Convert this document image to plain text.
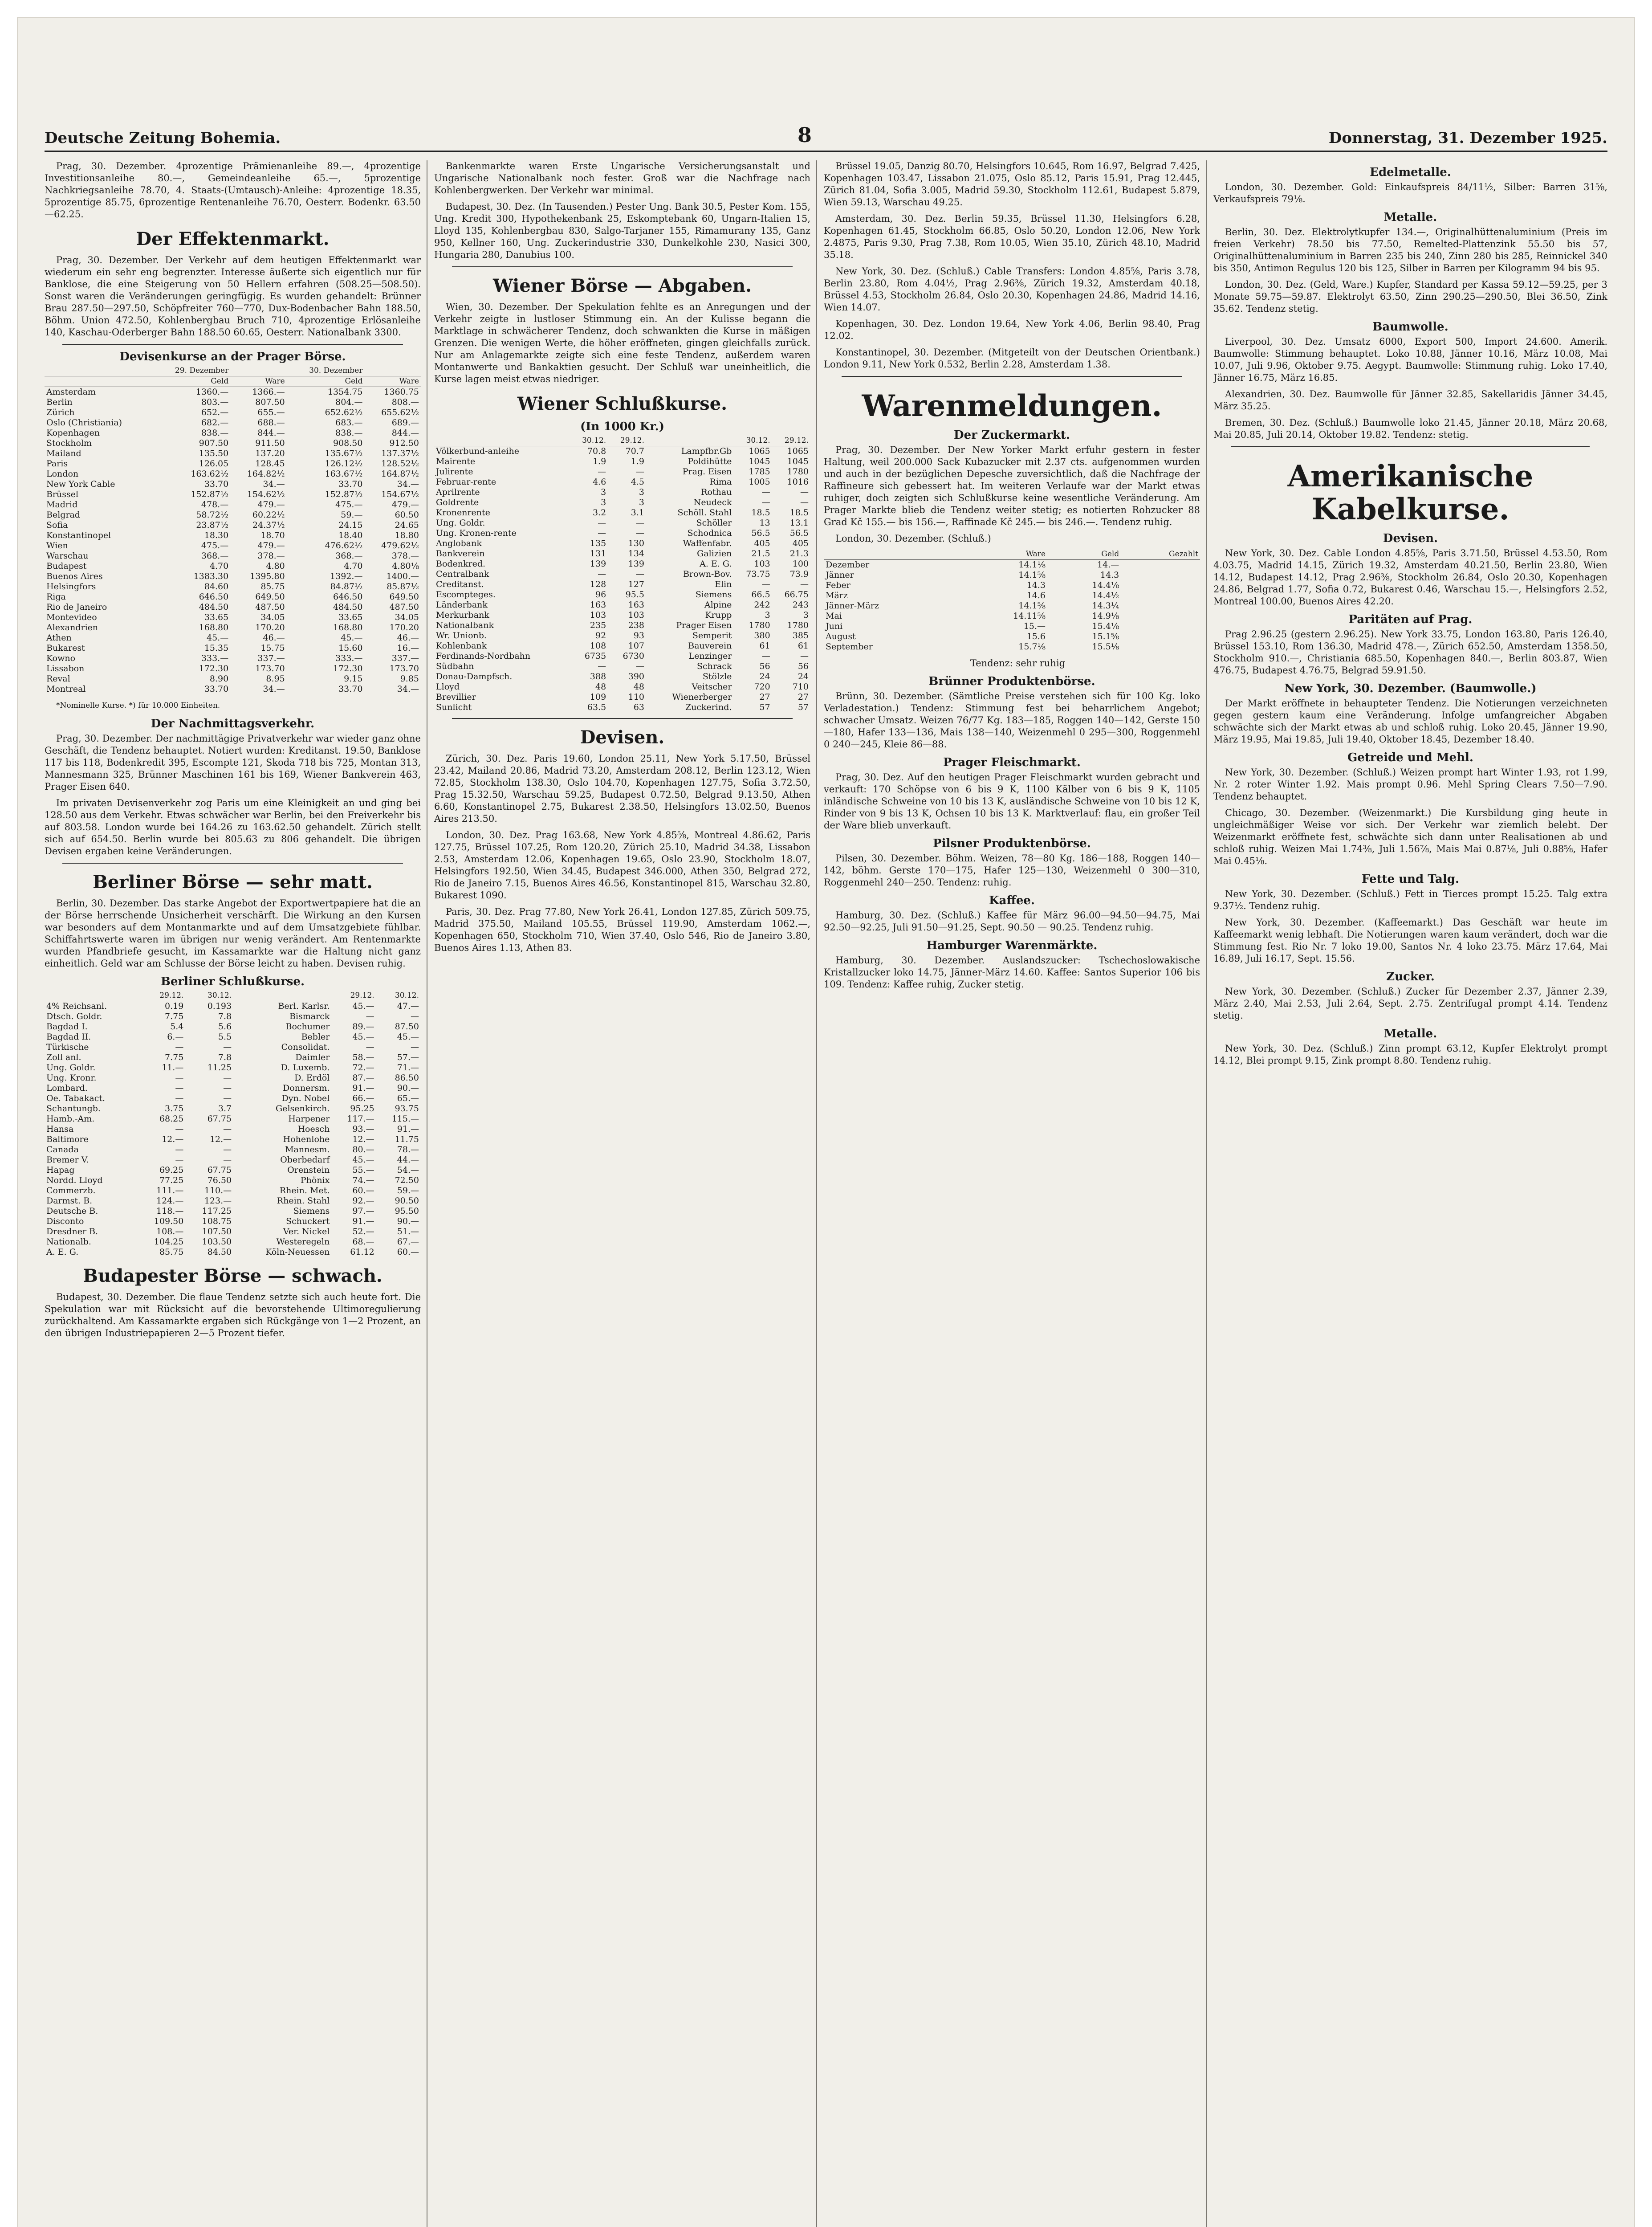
Deutsche Zeitung Bohemia.	8	Donnerstag, 31. Dezember 1925.

Prag, 30. Dezember. 4prozentige Prämienanleihe 89.—, 4prozentige Investitionsanleihe 80.—, Gemeindeanleihe 65.—, 5prozentige Nachkriegsanleihe 78.70, 4. Staats-(Umtausch)-Anleihe: 4prozentige 18.35, 5prozentige 85.75, 6prozentige Rentenanleihe 76.70, Oesterr. Bodenkr. 63.50—62.25.

Der Effektenmarkt.

Prag, 30. Dezember. Der Verkehr auf dem heutigen Effektenmarkt war wiederum ein sehr eng begrenzter. Interesse äußerte sich eigentlich nur für Banklose, die eine Steigerung von 50 Hellern erfahren (508.25—508.50). Sonst waren die Veränderungen geringfügig. Es wurden gehandelt: Brünner Brau 287.50—297.50, Schöpfreiter 760—770, Dux-Bodenbacher Bahn 188.50, Böhm. Union 472.50, Kohlenbergbau Bruch 710, 4prozentige Erlösanleihe 140, Kaschau-Oderberger Bahn 188.50 60.65, Oesterr. Nationalbank 3300.

Devisenkurse an der Prager Börse.
	29. Dezember		30. Dezember	
	Geld	Ware	Geld	Ware
Amsterdam	1360.—	1366.—	1354.75	1360.75
Berlin	803.—	807.50	804.—	808.—
Zürich	652.—	655.—	652.62½	655.62½
Oslo (Christiania)	682.—	688.—	683.—	689.—
Kopenhagen	838.—	844.—	838.—	844.—
Stockholm	907.50	911.50	908.50	912.50
Mailand	135.50	137.20	135.67½	137.37½
Paris	126.05	128.45	126.12½	128.52½
London	163.62½	164.82½	163.67½	164.87½
New York Cable	33.70	34.—	33.70	34.—
Brüssel	152.87½	154.62½	152.87½	154.67½
Madrid	478.—	479.—	475.—	479.—
Belgrad	58.72½	60.22½	59.—	60.50
Sofia	23.87½	24.37½	24.15	24.65
Konstantinopel	18.30	18.70	18.40	18.80
Wien	475.—	479.—	476.62½	479.62½
Warschau	368.—	378.—	368.—	378.—
Budapest	4.70	4.80	4.70	4.80⅛
Buenos Aires	1383.30	1395.80	1392.—	1400.—
Helsingfors	84.60	85.75	84.87½	85.87½
Riga	646.50	649.50	646.50	649.50
Rio de Janeiro	484.50	487.50	484.50	487.50
Montevideo	33.65	34.05	33.65	34.05
Alexandrien	168.80	170.20	168.80	170.20
Athen	45.—	46.—	45.—	46.—
Bukarest	15.35	15.75	15.60	16.—
Kowno	333.—	337.—	333.—	337.—
Lissabon	172.30	173.70	172.30	173.70
Reval	8.90	8.95	9.15	9.85
Montreal	33.70	34.—	33.70	34.—

*Nominelle Kurse. *) für 10.000 Einheiten.

Der Nachmittagsverkehr.

Prag, 30. Dezember. Der nachmittägige Privatverkehr war wieder ganz ohne Geschäft, die Tendenz behauptet. Notiert wurden: Kreditanst. 19.50, Banklose 117 bis 118, Bodenkredit 395, Escompte 121, Skoda 718 bis 725, Montan 313, Mannesmann 325, Brünner Maschinen 161 bis 169, Wiener Bankverein 463, Prager Eisen 640.

Im privaten Devisenverkehr zog Paris um eine Kleinigkeit an und ging bei 128.50 aus dem Verkehr. Etwas schwächer war Berlin, bei den Freiverkehr bis auf 803.58. London wurde bei 164.26 zu 163.62.50 gehandelt. Zürich stellt sich auf 654.50. Berlin wurde bei 805.63 zu 806 gehandelt. Die übrigen Devisen ergaben keine Veränderungen.

Berliner Börse — sehr matt.

Berlin, 30. Dezember. Das starke Angebot der Exportwertpapiere hat die an der Börse herrschende Unsicherheit verschärft. Die Wirkung an den Kursen war besonders auf dem Montanmarkte und auf dem Umsatzgebiete fühlbar. Schiffahrtswerte waren im übrigen nur wenig verändert. Am Rentenmarkte wurden Pfandbriefe gesucht, im Kassamarkte war die Haltung nicht ganz einheitlich. Geld war am Schlusse der Börse leicht zu haben. Devisen ruhig.

Berliner Schlußkurse.
	29.12.	30.12.		29.12.	30.12.
4% Reichsanl.	0.19	0.193	Berl. Karlsr.	45.—	47.—
Dtsch. Goldr.	7.75	7.8	Bismarck	—	—
Bagdad I.	5.4	5.6	Bochumer	89.—	87.50
Bagdad II.	6.—	5.5	Bebler	45.—	45.—
Türkische	—	—	Consolidat.	—	—
Zoll anl.	7.75	7.8	Daimler	58.—	57.—
Ung. Goldr.	11.—	11.25	D. Luxemb.	72.—	71.—
Ung. Kronr.	—	—	D. Erdöl	87.—	86.50
Lombard.	—	—	Donnersm.	91.—	90.—
Oe. Tabakact.	—	—	Dyn. Nobel	66.—	65.—
Schantungb.	3.75	3.7	Gelsenkirch.	95.25	93.75
Hamb.-Am.	68.25	67.75	Harpener	117.—	115.—
Hansa	—	—	Hoesch	93.—	91.—
Baltimore	12.—	12.—	Hohenlohe	12.—	11.75
Canada	—	—	Mannesm.	80.—	78.—
Bremer V.	—	—	Oberbedarf	45.—	44.—
Hapag	69.25	67.75	Orenstein	55.—	54.—
Nordd. Lloyd	77.25	76.50	Phönix	74.—	72.50
Commerzb.	111.—	110.—	Rhein. Met.	60.—	59.—
Darmst. B.	124.—	123.—	Rhein. Stahl	92.—	90.50
Deutsche B.	118.—	117.25	Siemens	97.—	95.50
Disconto	109.50	108.75	Schuckert	91.—	90.—
Dresdner B.	108.—	107.50	Ver. Nickel	52.—	51.—
Nationalb.	104.25	103.50	Westeregeln	68.—	67.—
A. E. G.	85.75	84.50	Köln-Neuessen	61.12	60.—
Budapester Börse — schwach.

Budapest, 30. Dezember. Die flaue Tendenz setzte sich auch heute fort. Die Spekulation war mit Rücksicht auf die bevorstehende Ultimoregulierung zurückhaltend. Am Kassamarkte ergaben sich Rückgänge von 1—2 Prozent, an den übrigen Industriepapieren 2—5 Prozent tiefer.

Bankenmarkte waren Erste Ungarische Versicherungsanstalt und Ungarische Nationalbank noch fester. Groß war die Nachfrage nach Kohlenbergwerken. Der Verkehr war minimal.

Budapest, 30. Dez. (In Tausenden.) Pester Ung. Bank 30.5, Pester Kom. 155, Ung. Kredit 300, Hypothekenbank 25, Eskomptebank 60, Ungarn-Italien 15, Lloyd 135, Kohlenbergbau 830, Salgo-Tarjaner 155, Rimamurany 135, Ganz 950, Kellner 160, Ung. Zuckerindustrie 330, Dunkelkohle 230, Nasici 300, Hungaria 280, Danubius 100.

Wiener Börse — Abgaben.

Wien, 30. Dezember. Der Spekulation fehlte es an Anregungen und der Verkehr zeigte in lustloser Stimmung ein. An der Kulisse begann die Marktlage in schwächerer Tendenz, doch schwankten die Kurse in mäßigen Grenzen. Die wenigen Werte, die höher eröffneten, gingen gleichfalls zurück. Nur am Anlagemarkte zeigte sich eine feste Tendenz, außerdem waren Montanwerte und Bankaktien gesucht. Der Schluß war uneinheitlich, die Kurse lagen meist etwas niedriger.

Wiener Schlußkurse.
(In 1000 Kr.)
	30.12.	29.12.		30.12.	29.12.
Völkerbund-anleihe	70.8	70.7	Lampfbr.Gb	1065	1065
Mairente	1.9	1.9	Poldihütte	1045	1045
Julirente	—	—	Prag. Eisen	1785	1780
Februar-rente	4.6	4.5	Rima	1005	1016
Aprilrente	3	3	Rothau	—	—
Goldrente	3	3	Neudeck	—	—
Kronenrente	3.2	3.1	Schöll. Stahl	18.5	18.5
Ung. Goldr.	—	—	Schöller	13	13.1
Ung. Kronen-rente	—	—	Schodnica	56.5	56.5
Anglobank	135	130	Waffenfabr.	405	405
Bankverein	131	134	Galizien	21.5	21.3
Bodenkred.	139	139	A. E. G.	103	100
Centralbank	—	—	Brown-Bov.	73.75	73.9
Creditanst.	128	127	Elin	—	—
Escompteges.	96	95.5	Siemens	66.5	66.75
Länderbank	163	163	Alpine	242	243
Merkurbank	103	103	Krupp	3	3
Nationalbank	235	238	Prager Eisen	1780	1780
Wr. Unionb.	92	93	Semperit	380	385
Kohlenbank	108	107	Bauverein	61	61
Ferdinands-Nordbahn	6735	6730	Lenzinger	—	—
Südbahn	—	—	Schrack	56	56
Donau-Dampfsch.	388	390	Stölzle	24	24
Lloyd	48	48	Veitscher	720	710
Brevillier	109	110	Wienerberger	27	27
Sunlicht	63.5	63	Zuckerind.	57	57
Devisen.

Zürich, 30. Dez. Paris 19.60, London 25.11, New York 5.17.50, Brüssel 23.42, Mailand 20.86, Madrid 73.20, Amsterdam 208.12, Berlin 123.12, Wien 72.85, Stockholm 138.30, Oslo 104.70, Kopenhagen 127.75, Sofia 3.72.50, Prag 15.32.50, Warschau 59.25, Budapest 0.72.50, Belgrad 9.13.50, Athen 6.60, Konstantinopel 2.75, Bukarest 2.38.50, Helsingfors 13.02.50, Buenos Aires 213.50.

London, 30. Dez. Prag 163.68, New York 4.85⅝, Montreal 4.86.62, Paris 127.75, Brüssel 107.25, Rom 120.20, Zürich 25.10, Madrid 34.38, Lissabon 2.53, Amsterdam 12.06, Kopenhagen 19.65, Oslo 23.90, Stockholm 18.07, Helsingfors 192.50, Wien 34.45, Budapest 346.000, Athen 350, Belgrad 272, Rio de Janeiro 7.15, Buenos Aires 46.56, Konstantinopel 815, Warschau 32.80, Bukarest 1090.

Paris, 30. Dez. Prag 77.80, New York 26.41, London 127.85, Zürich 509.75, Madrid 375.50, Mailand 105.55, Brüssel 119.90, Amsterdam 1062.—, Kopenhagen 650, Stockholm 710, Wien 37.40, Oslo 546, Rio de Janeiro 3.80, Buenos Aires 1.13, Athen 83.

Brüssel 19.05, Danzig 80.70, Helsingfors 10.645, Rom 16.97, Belgrad 7.425, Kopenhagen 103.47, Lissabon 21.075, Oslo 85.12, Paris 15.91, Prag 12.445, Zürich 81.04, Sofia 3.005, Madrid 59.30, Stockholm 112.61, Budapest 5.879, Wien 59.13, Warschau 49.25.

Amsterdam, 30. Dez. Berlin 59.35, Brüssel 11.30, Helsingfors 6.28, Kopenhagen 61.45, Stockholm 66.85, Oslo 50.20, London 12.06, New York 2.4875, Paris 9.30, Prag 7.38, Rom 10.05, Wien 35.10, Zürich 48.10, Madrid 35.18.

New York, 30. Dez. (Schluß.) Cable Transfers: London 4.85⅝, Paris 3.78, Berlin 23.80, Rom 4.04½, Prag 2.96⅜, Zürich 19.32, Amsterdam 40.18, Brüssel 4.53, Stockholm 26.84, Oslo 20.30, Kopenhagen 24.86, Madrid 14.16, Wien 14.07.

Kopenhagen, 30. Dez. London 19.64, New York 4.06, Berlin 98.40, Prag 12.02.

Konstantinopel, 30. Dezember. (Mitgeteilt von der Deutschen Orientbank.) London 9.11, New York 0.532, Berlin 2.28, Amsterdam 1.38.

Warenmeldungen.
Der Zuckermarkt.

Prag, 30. Dezember. Der New Yorker Markt erfuhr gestern in fester Haltung, weil 200.000 Sack Kubazucker mit 2.37 cts. aufgenommen wurden und auch in der bezüglichen Depesche zuversichtlich, daß die Nachfrage der Raffineure sich gebessert hat. Im weiteren Verlaufe war der Markt etwas ruhiger, doch zeigten sich Schlußkurse keine wesentliche Veränderung. Am Prager Markte blieb die Tendenz weiter stetig; es notierten Rohzucker 88 Grad Kč 155.— bis 156.—, Raffinade Kč 245.— bis 246.—. Tendenz ruhig.

London, 30. Dezember. (Schluß.)

	Ware	Geld	Gezahlt
Dezember	14.1⅛	14.—	
Jänner	14.1⅝	14.3	
Feber	14.3	14.4⅛	
März	14.6	14.4½	
Jänner-März	14.1⅝	14.3¼	
Mai	14.11⅝	14.9⅛	
Juni	15.—	15.4⅛	
August	15.6	15.1⅝	
September	15.7⅛	15.5⅛	

Tendenz: sehr ruhig

Brünner Produktenbörse.

Brünn, 30. Dezember. (Sämtliche Preise verstehen sich für 100 Kg. loko Verladestation.) Tendenz: Stimmung fest bei beharrlichem Angebot; schwacher Umsatz. Weizen 76/77 Kg. 183—185, Roggen 140—142, Gerste 150—180, Hafer 133—136, Mais 138—140, Weizenmehl 0 295—300, Roggenmehl 0 240—245, Kleie 86—88.

Prager Fleischmarkt.

Prag, 30. Dez. Auf den heutigen Prager Fleischmarkt wurden gebracht und verkauft: 170 Schöpse von 6 bis 9 K, 1100 Kälber von 6 bis 9 K, 1105 inländische Schweine von 10 bis 13 K, ausländische Schweine von 10 bis 12 K, Rinder von 9 bis 13 K, Ochsen 10 bis 13 K. Marktverlauf: flau, ein großer Teil der Ware blieb unverkauft.

Pilsner Produktenbörse.

Pilsen, 30. Dezember. Böhm. Weizen, 78—80 Kg. 186—188, Roggen 140—142, böhm. Gerste 170—175, Hafer 125—130, Weizenmehl 0 300—310, Roggenmehl 240—250. Tendenz: ruhig.

Kaffee.

Hamburg, 30. Dez. (Schluß.) Kaffee für März 96.00—94.50—94.75, Mai 92.50—92.25, Juli 91.50—91.25, Sept. 90.50 — 90.25. Tendenz ruhig.

Hamburger Warenmärkte.

Hamburg, 30. Dezember. Auslandszucker: Tschechoslowakische Kristallzucker loko 14.75, Jänner-März 14.60. Kaffee: Santos Superior 106 bis 109. Tendenz: Kaffee ruhig, Zucker stetig.

Edelmetalle.

London, 30. Dezember. Gold: Einkaufspreis 84/11½, Silber: Barren 31⅝, Verkaufspreis 79⅛.

Metalle.

Berlin, 30. Dez. Elektrolytkupfer 134.—, Originalhüttenaluminium (Preis im freien Verkehr) 78.50 bis 77.50, Remelted-Plattenzink 55.50 bis 57, Originalhüttenaluminium in Barren 235 bis 240, Zinn 280 bis 285, Reinnickel 340 bis 350, Antimon Regulus 120 bis 125, Silber in Barren per Kilogramm 94 bis 95.

London, 30. Dez. (Geld, Ware.) Kupfer, Standard per Kassa 59.12—59.25, per 3 Monate 59.75—59.87. Elektrolyt 63.50, Zinn 290.25—290.50, Blei 36.50, Zink 35.62. Tendenz stetig.

Baumwolle.

Liverpool, 30. Dez. Umsatz 6000, Export 500, Import 24.600. Amerik. Baumwolle: Stimmung behauptet. Loko 10.88, Jänner 10.16, März 10.08, Mai 10.07, Juli 9.96, Oktober 9.75. Aegypt. Baumwolle: Stimmung ruhig. Loko 17.40, Jänner 16.75, März 16.85.

Alexandrien, 30. Dez. Baumwolle für Jänner 32.85, Sakellaridis Jänner 34.45, März 35.25.

Bremen, 30. Dez. (Schluß.) Baumwolle loko 21.45, Jänner 20.18, März 20.68, Mai 20.85, Juli 20.14, Oktober 19.82. Tendenz: stetig.

Amerikanische Kabelkurse.
Devisen.

New York, 30. Dez. Cable London 4.85⅝, Paris 3.71.50, Brüssel 4.53.50, Rom 4.03.75, Madrid 14.15, Zürich 19.32, Amsterdam 40.21.50, Berlin 23.80, Wien 14.12, Budapest 14.12, Prag 2.96⅜, Stockholm 26.84, Oslo 20.30, Kopenhagen 24.86, Belgrad 1.77, Sofia 0.72, Bukarest 0.46, Warschau 15.—, Helsingfors 2.52, Montreal 100.00, Buenos Aires 42.20.

Paritäten auf Prag.

Prag 2.96.25 (gestern 2.96.25). New York 33.75, London 163.80, Paris 126.40, Brüssel 153.10, Rom 136.30, Madrid 478.—, Zürich 652.50, Amsterdam 1358.50, Stockholm 910.—, Christiania 685.50, Kopenhagen 840.—, Berlin 803.87, Wien 476.75, Budapest 4.76.75, Belgrad 59.91.50.

New York, 30. Dezember. (Baumwolle.)

Der Markt eröffnete in behaupteter Tendenz. Die Notierungen verzeichneten gegen gestern kaum eine Veränderung. Infolge umfangreicher Abgaben schwächte sich der Markt etwas ab und schloß ruhig. Loko 20.45, Jänner 19.90, März 19.95, Mai 19.85, Juli 19.40, Oktober 18.45, Dezember 18.40.

Getreide und Mehl.

New York, 30. Dezember. (Schluß.) Weizen prompt hart Winter 1.93, rot 1.99, Nr. 2 roter Winter 1.92. Mais prompt 0.96. Mehl Spring Clears 7.50—7.90. Tendenz behauptet.

Chicago, 30. Dezember. (Weizenmarkt.) Die Kursbildung ging heute in ungleichmäßiger Weise vor sich. Der Verkehr war ziemlich belebt. Der Weizenmarkt eröffnete fest, schwächte sich dann unter Realisationen ab und schloß ruhig. Weizen Mai 1.74⅜, Juli 1.56⅞, Mais Mai 0.87⅛, Juli 0.88⅝, Hafer Mai 0.45⅛.

Fette und Talg.

New York, 30. Dezember. (Schluß.) Fett in Tierces prompt 15.25. Talg extra 9.37½. Tendenz ruhig.

New York, 30. Dezember. (Kaffeemarkt.) Das Geschäft war heute im Kaffeemarkt wenig lebhaft. Die Notierungen waren kaum verändert, doch war die Stimmung fest. Rio Nr. 7 loko 19.00, Santos Nr. 4 loko 23.75. März 17.64, Mai 16.89, Juli 16.17, Sept. 15.56.

Zucker.

New York, 30. Dezember. (Schluß.) Zucker für Dezember 2.37, Jänner 2.39, März 2.40, Mai 2.53, Juli 2.64, Sept. 2.75. Zentrifugal prompt 4.14. Tendenz stetig.

Metalle.

New York, 30. Dez. (Schluß.) Zinn prompt 63.12, Kupfer Elektrolyt prompt 14.12, Blei prompt 9.15, Zink prompt 8.80. Tendenz ruhig.
